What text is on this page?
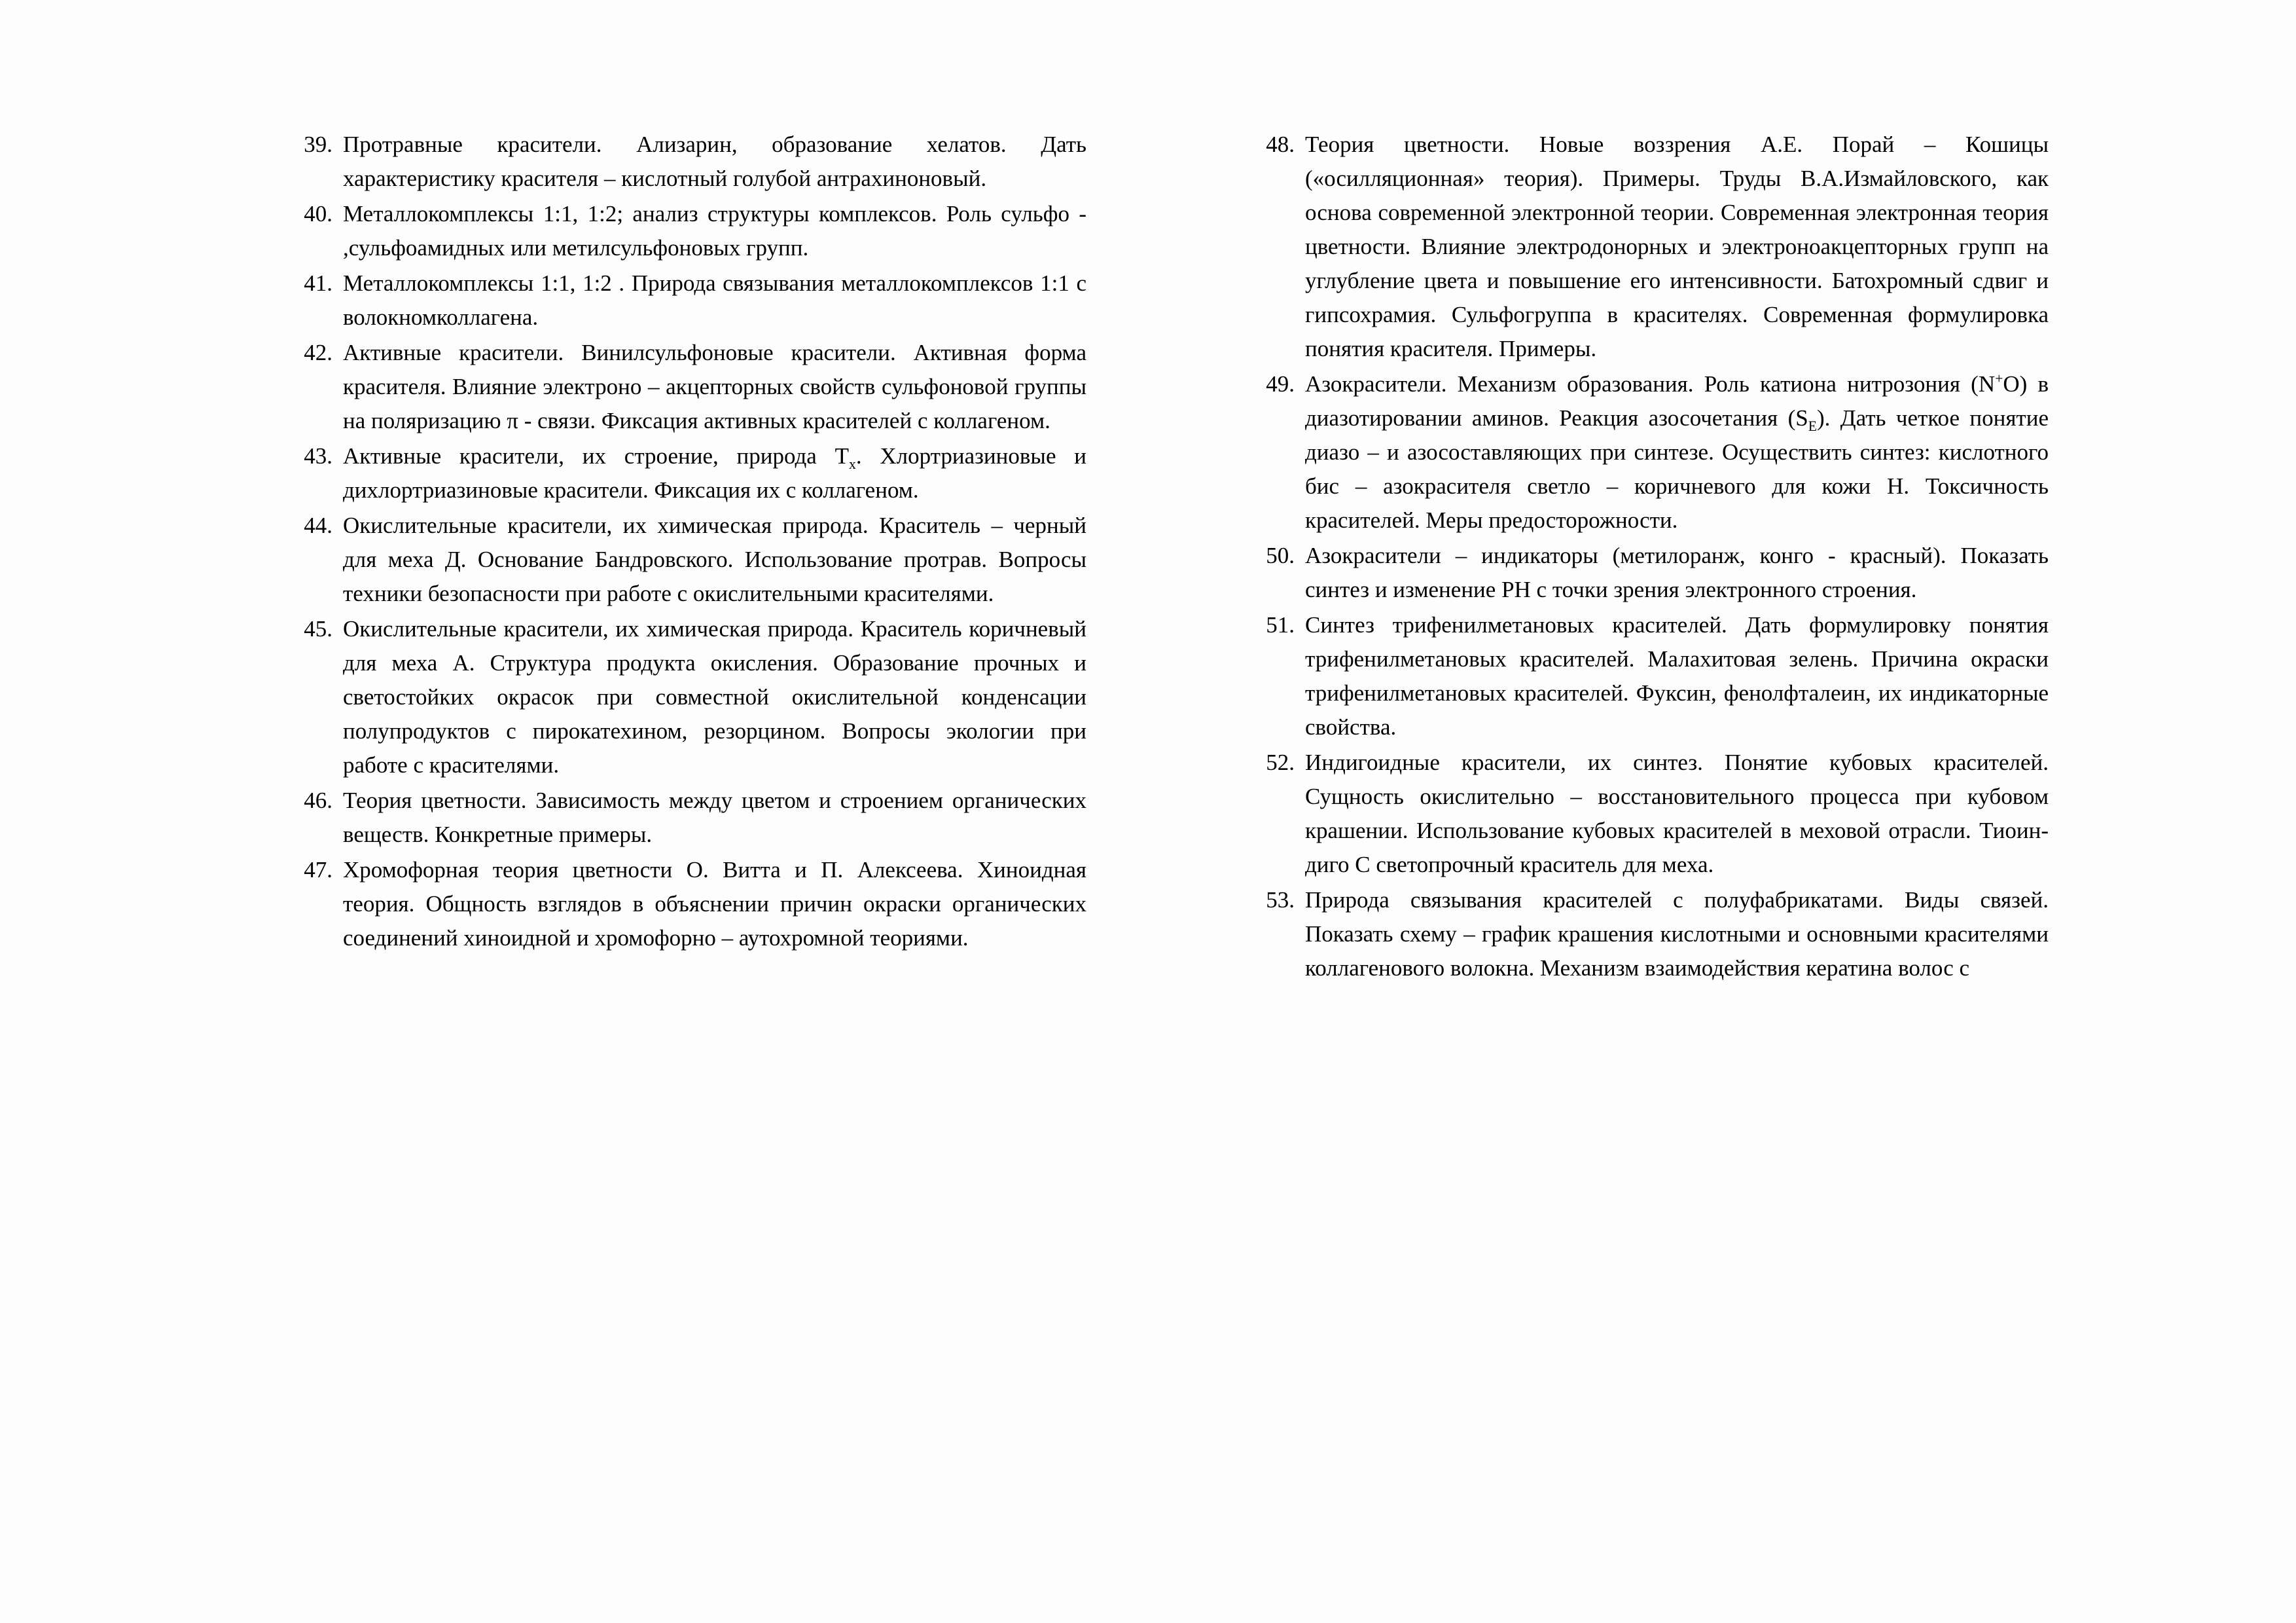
39. Протравные красители. Ализарин, образование хелатов. Дать характеристику красителя – кислотный голубой антрахиноновый.
40. Металлокомплексы 1:1, 1:2; анализ структуры комплексов. Роль сульфо - ,сульфоамидных или метилсульфоновых групп.
41. Металлокомплексы 1:1, 1:2 . Природа связывания металлокомплексов 1:1 с волокномколлагена.
42. Активные красители. Винилсульфоновые красители. Активная форма красителя. Влияние электроно – акцепторных свойств сульфоновой группы на поляризацию π - связи. Фиксация активных красителей с коллагеном.
43. Активные красители, их строение, природа $Т_x$. Хлортриазиновые и дихлортриазиновые красители. Фиксация их с коллагеном.
44. Окислительные красители, их химическая природа. Краситель – черный для меха Д. Основание Бандровского. Использование протрав. Вопросы техники безопасности при работе с окислительными красителями.
45. Окислительные красители, их химическая природа. Краситель коричневый для меха А. Структура продукта окисления. Образование прочных и светостойких окрасок при совместной окислительной конденсации полупродуктов с пирокатехином, резорцином. Вопросы экологии при работе с красителями.
46. Теория цветности. Зависимость между цветом и строением органических веществ. Конкретные примеры.
47. Хромофорная теория цветности О. Витта и П. Алексеева. Хиноидная теория. Общность взглядов в объяснении причин окраски органических соединений хиноидной и хромофорно – аутохромной теориями.
48. Теория цветности. Новые воззрения А.Е. Порай – Кошицы («осилляционная» теория). Примеры. Труды В.А.Измайловского, как основа современной электронной теории. Современная электронная теория цветности. Влияние электродонорных и электроноакцепторных групп на углубление цвета и повышение его интенсивности. Батохромный сдвиг и гипсохрамия. Сульфогруппа в красителях. Современная формулировка понятия красителя. Примеры.
49. Азокрасители. Механизм образования. Роль катиона нитрозония (N+O) в диазотировании аминов. Реакция азосочетания $(S_E)$. Дать четкое понятие диазо – и азосоставляющих при синтезе. Осуществить синтез: кислотного бис – азокрасителя светло – коричневого для кожи Н. Токсичность красителей. Меры предосторожности.
50. Азокрасители – индикаторы (метилоранж, конго - красный). Показать синтез и изменение РН с точки зрения электронного строения.
51. Синтез трифенилметановых красителей. Дать формулировку понятия трифенилметановых красителей. Малахитовая зелень. Причина окраски трифенилметановых красителей. Фуксин, фенолфталеин, их индикаторные свойства.
52. Индигоидные красители, их синтез. Понятие кубовых красителей. Сущность окислительно – восстановительного процесса при кубовом крашении. Использование кубовых красителей в меховой отрасли. Тиоиндиго С светопрочный краситель для меха.
53. Природа связывания красителей с полуфабрикатами. Виды связей. Показать схему – график крашения кислотными и основными красителями коллагенового волокна. Механизм взаимодействия кератина волос с
